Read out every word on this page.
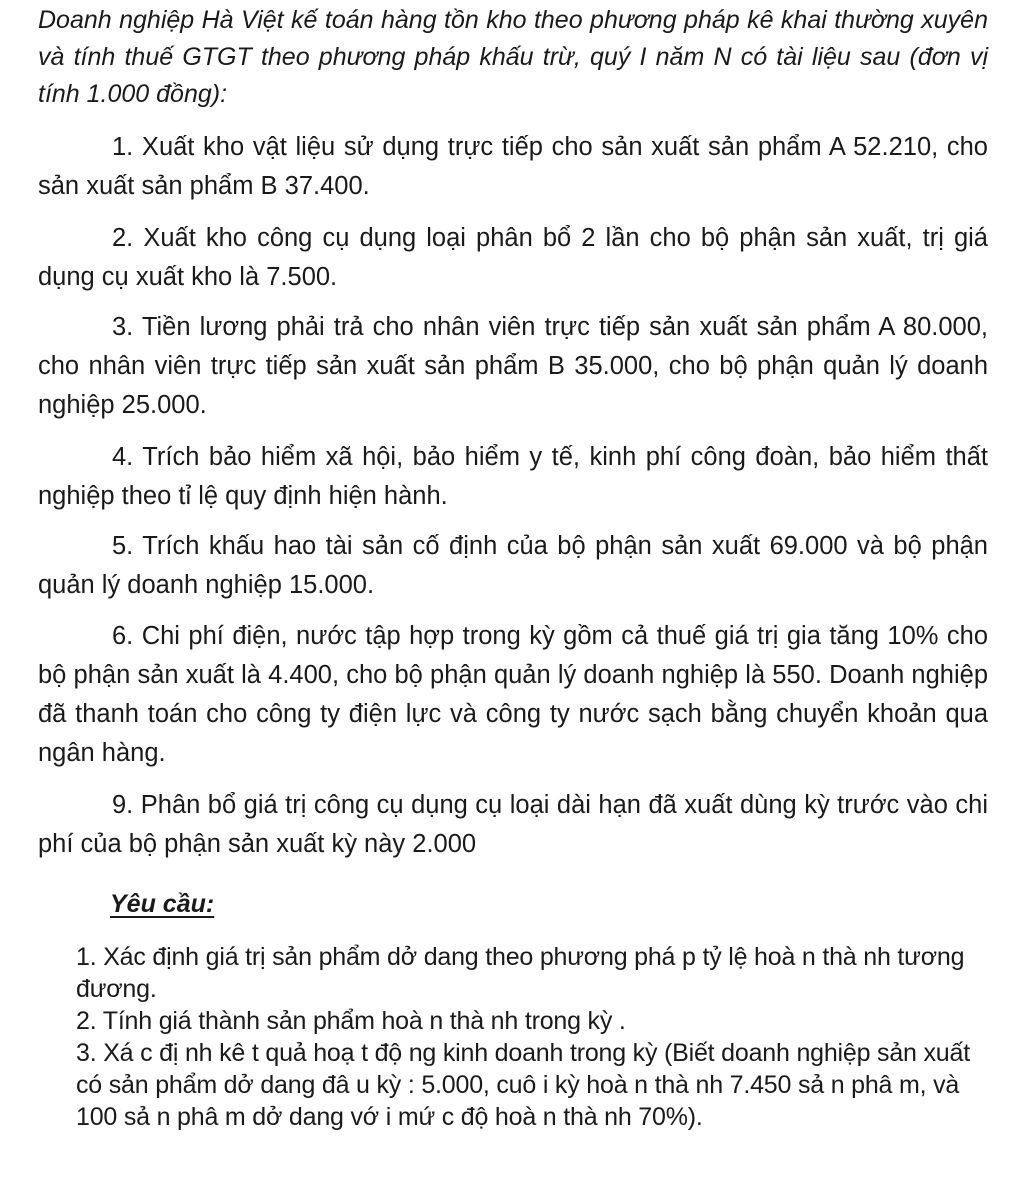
Doanh nghiệp Hà Việt kế toán hàng tồn kho theo phương pháp kê khai thường xuyên và tính thuế GTGT theo phương pháp khấu trừ, quý I năm N có tài liệu sau (đơn vị tính 1.000 đồng):

1. Xuất kho vật liệu sử dụng trực tiếp cho sản xuất sản phẩm A 52.210, cho sản xuất sản phẩm B 37.400.

2. Xuất kho công cụ dụng loại phân bổ 2 lần cho bộ phận sản xuất, trị giá dụng cụ xuất kho là 7.500.

3. Tiền lương phải trả cho nhân viên trực tiếp sản xuất sản phẩm A 80.000, cho nhân viên trực tiếp sản xuất sản phẩm B 35.000, cho bộ phận quản lý doanh nghiệp 25.000.

4. Trích bảo hiểm xã hội, bảo hiểm y tế, kinh phí công đoàn, bảo hiểm thất nghiệp theo tỉ lệ quy định hiện hành.

5. Trích khấu hao tài sản cố định của bộ phận sản xuất 69.000 và bộ phận quản lý doanh nghiệp 15.000.

6. Chi phí điện, nước tập hợp trong kỳ gồm cả thuế giá trị gia tăng 10% cho bộ phận sản xuất là 4.400, cho bộ phận quản lý doanh nghiệp là 550. Doanh nghiệp đã thanh toán cho công ty điện lực và công ty nước sạch bằng chuyển khoản qua ngân hàng.

9. Phân bổ giá trị công cụ dụng cụ loại dài hạn đã xuất dùng kỳ trước vào chi phí của bộ phận sản xuất kỳ này 2.000

Yêu cầu:
1. Xác định giá trị sản phẩm dở dang theo phương phá p tỷ lệ hoà n thà nh tương đương.
2. Tính giá thành sản phẩm hoà n thà nh trong kỳ .
3. Xá c đị nh kê t quả hoạ t độ ng kinh doanh trong kỳ (Biết doanh nghiệp sản xuất có sản phẩm dở dang đâ u kỳ : 5.000, cuô i kỳ hoà n thà nh 7.450 sả n phâ m, và 100 sả n phâ m dở dang vớ i mứ c độ hoà n thà nh 70%).
